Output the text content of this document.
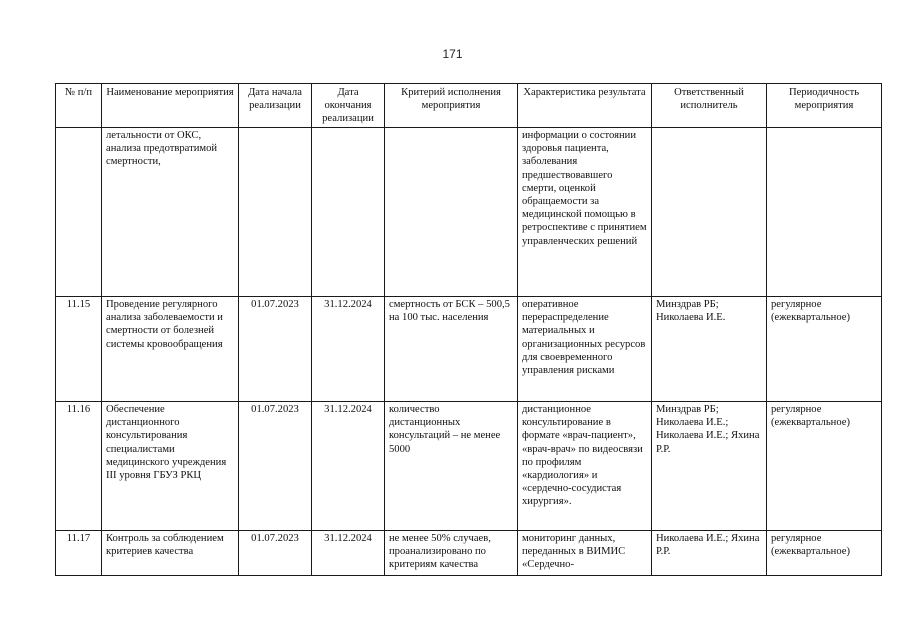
171
№ п/п	Наименование мероприятия	Дата начала реализации	Дата окончания реализации	Критерий исполнения мероприятия	Характеристика результата	Ответственный исполнитель	Периодичность мероприятия
	летальности от ОКС, анализа предотвратимой смертности,				информации о состоянии здоровья пациента, заболевания предшествовавшего смерти, оценкой обращаемости за медицинской помощью в ретроспективе с принятием управленческих решений		
11.15	Проведение регулярного анализа заболеваемости и смертности от болезней системы кровообращения	01.07.2023	31.12.2024	смертность от БСК – 500,5 на 100 тыс. населения	оперативное перераспределение материальных и организационных ресурсов для своевременного управления рисками	Минздрав РБ; Николаева И.Е.	регулярное (ежеквартальное)
11.16	Обеспечение дистанционного консультирования специалистами медицинского учреждения III уровня ГБУЗ РКЦ	01.07.2023	31.12.2024	количество дистанционных консультаций – не менее 5000	дистанционное консультирование в формате «врач-пациент», «врач-врач» по видеосвязи по профилям «кардиология» и «сердечно-сосудистая хирургия».	Минздрав РБ; Николаева И.Е.; Николаева И.Е.; Яхина Р.Р.	регулярное (ежеквартальное)
11.17	Контроль за соблюдением критериев качества	01.07.2023	31.12.2024	не менее 50% случаев, проанализировано по критериям качества	мониторинг данных, переданных в ВИМИС «Сердечно-	Николаева И.Е.; Яхина Р.Р.	регулярное (ежеквартальное)
